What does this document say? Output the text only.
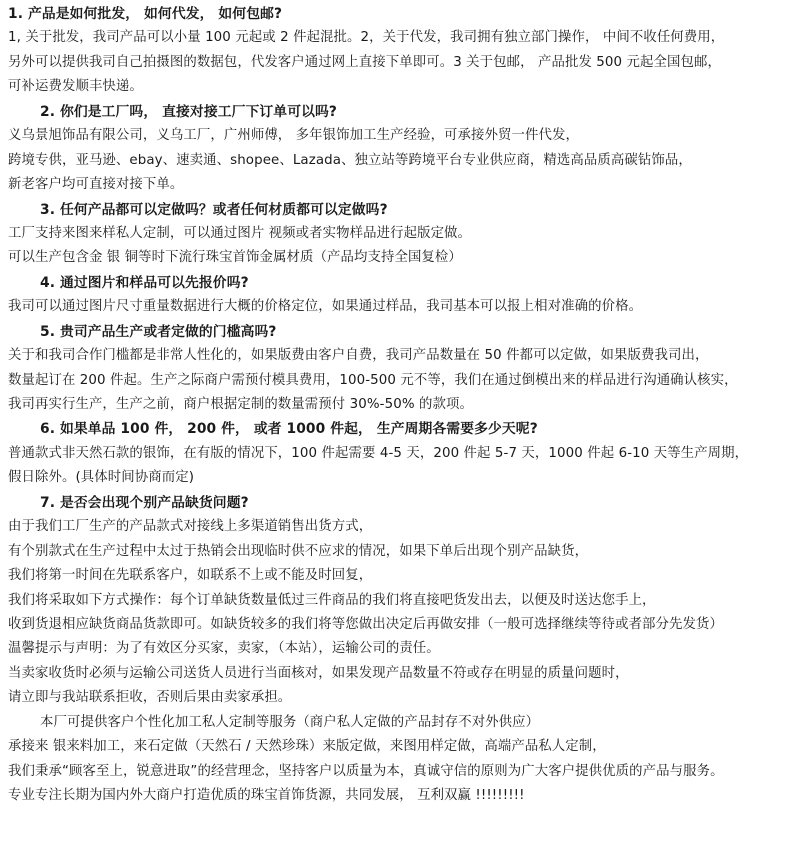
1. 产品是如何批发， 如何代发， 如何包邮?
1, 关于批发，我司产品可以小量 100 元起或 2 件起混批。2，关于代发，我司拥有独立部门操作， 中间不收任何费用，
另外可以提供我司自己拍摄图的数据包，代发客户通过网上直接下单即可。3 关于包邮， 产品批发 500 元起全国包邮，
可补运费发顺丰快递。
2. 你们是工厂吗， 直接对接工厂下订单可以吗?
义乌景旭饰品有限公司，义乌工厂，广州师傅， 多年银饰加工生产经验，可承接外贸一件代发，
跨境专供，亚马逊、ebay、速卖通、shopee、Lazada、独立站等跨境平台专业供应商，精选高品质高碳钻饰品，
新老客户均可直接对接下单。
3. 任何产品都可以定做吗？或者任何材质都可以定做吗?
工厂支持来图来样私人定制，可以通过图片 视频或者实物样品进行起版定做。
可以生产包含金 银 铜等时下流行珠宝首饰金属材质（产品均支持全国复检）
4. 通过图片和样品可以先报价吗?
我司可以通过图片尺寸重量数据进行大概的价格定位，如果通过样品，我司基本可以报上相对准确的价格。
5. 贵司产品生产或者定做的门槛高吗?
关于和我司合作门槛都是非常人性化的，如果版费由客户自费，我司产品数量在 50 件都可以定做，如果版费我司出，
数量起订在 200 件起。生产之际商户需预付模具费用，100-500 元不等，我们在通过倒模出来的样品进行沟通确认核实，
我司再实行生产，生产之前，商户根据定制的数量需预付 30%-50% 的款项。
6. 如果单品 100 件， 200 件， 或者 1000 件起， 生产周期各需要多少天呢?
普通款式非天然石款的银饰，在有版的情况下，100 件起需要 4-5 天，200 件起 5-7 天，1000 件起 6-10 天等生产周期，
假日除外。(具体时间协商而定)
7. 是否会出现个别产品缺货问题?
由于我们工厂生产的产品款式对接线上多渠道销售出货方式，
有个别款式在生产过程中太过于热销会出现临时供不应求的情况，如果下单后出现个别产品缺货，
我们将第一时间在先联系客户，如联系不上或不能及时回复，
我们将采取如下方式操作：每个订单缺货数量低过三件商品的我们将直接吧货发出去，以便及时送达您手上，
收到货退相应缺货商品货款即可。如缺货较多的我们将等您做出决定后再做安排（一般可选择继续等待或者部分先发货）
温馨提示与声明：为了有效区分买家，卖家，（本站），运输公司的责任。
当卖家收货时必须与运输公司送货人员进行当面核对，如果发现产品数量不符或存在明显的质量问题时，
请立即与我站联系拒收，否则后果由卖家承担。
本厂可提供客户个性化加工私人定制等服务（商户私人定做的产品封存不对外供应）
承接来 银来料加工，来石定做（天然石 / 天然珍珠）来版定做，来图用样定做，高端产品私人定制，
我们秉承“顾客至上，锐意进取”的经营理念，坚持客户以质量为本，真诚守信的原则为广大客户提供优质的产品与服务。
专业专注长期为国内外大商户打造优质的珠宝首饰货源，共同发展， 互利双赢 !!!!!!!!!
